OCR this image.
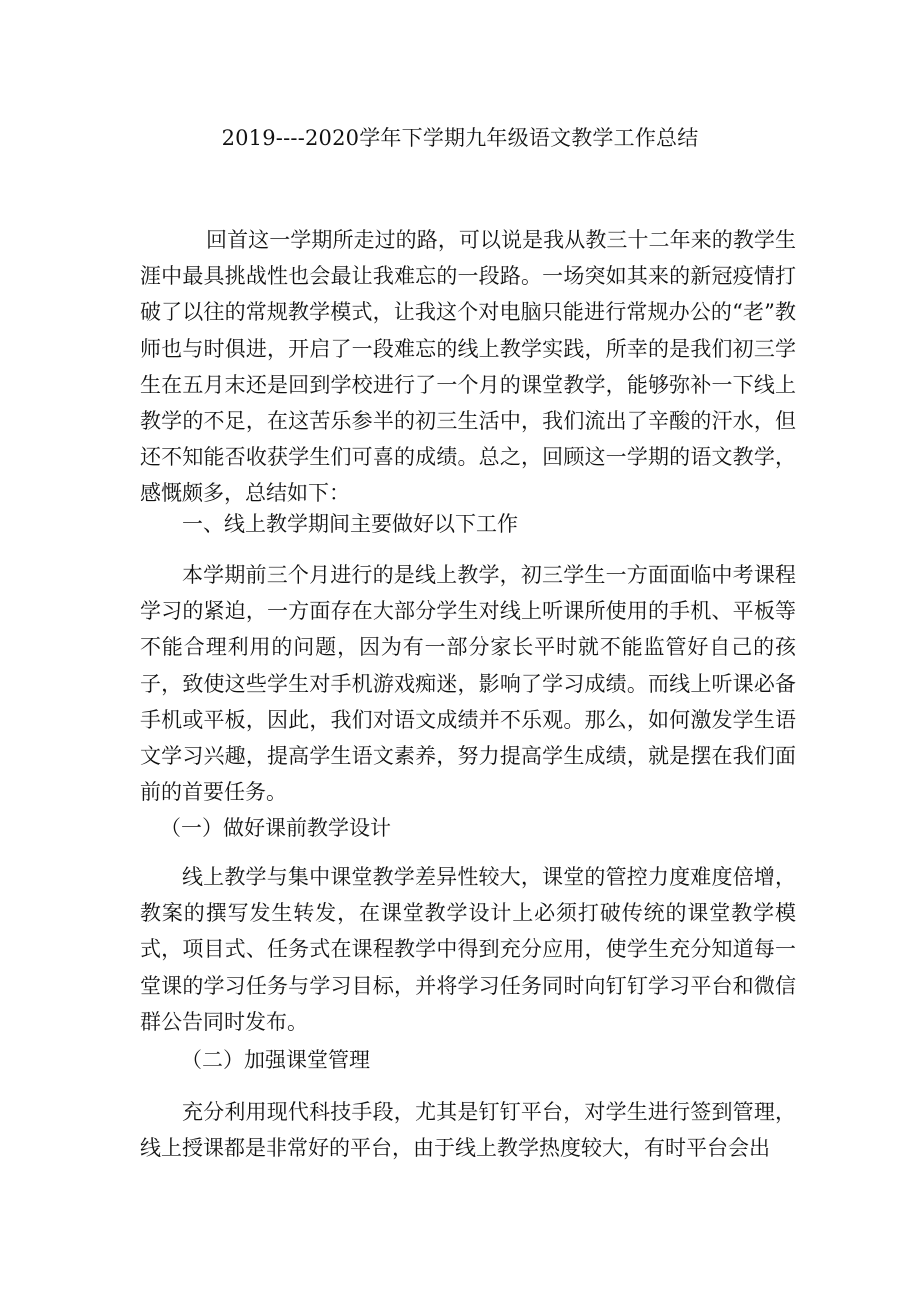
2019----2020学年下学期九年级语文教学工作总结

回首这一学期所走过的路，可以说是我从教三十二年来的教学生涯中最具挑战性也会最让我难忘的一段路。一场突如其来的新冠疫情打破了以往的常规教学模式，让我这个对电脑只能进行常规办公的“老”教师也与时俱进，开启了一段难忘的线上教学实践，所幸的是我们初三学生在五月末还是回到学校进行了一个月的课堂教学，能够弥补一下线上教学的不足，在这苦乐参半的初三生活中，我们流出了辛酸的汗水，但还不知能否收获学生们可喜的成绩。总之，回顾这一学期的语文教学，感慨颇多，总结如下：

一、线上教学期间主要做好以下工作

本学期前三个月进行的是线上教学，初三学生一方面面临中考课程学习的紧迫，一方面存在大部分学生对线上听课所使用的手机、平板等不能合理利用的问题，因为有一部分家长平时就不能监管好自己的孩子，致使这些学生对手机游戏痴迷，影响了学习成绩。而线上听课必备手机或平板，因此，我们对语文成绩并不乐观。那么，如何激发学生语文学习兴趣，提高学生语文素养，努力提高学生成绩，就是摆在我们面前的首要任务。

（一）做好课前教学设计

线上教学与集中课堂教学差异性较大，课堂的管控力度难度倍增，教案的撰写发生转发，在课堂教学设计上必须打破传统的课堂教学模式，项目式、任务式在课程教学中得到充分应用，使学生充分知道每一堂课的学习任务与学习目标，并将学习任务同时向钉钉学习平台和微信群公告同时发布。

（二）加强课堂管理

充分利用现代科技手段，尤其是钉钉平台，对学生进行签到管理，线上授课都是非常好的平台，由于线上教学热度较大，有时平台会出
